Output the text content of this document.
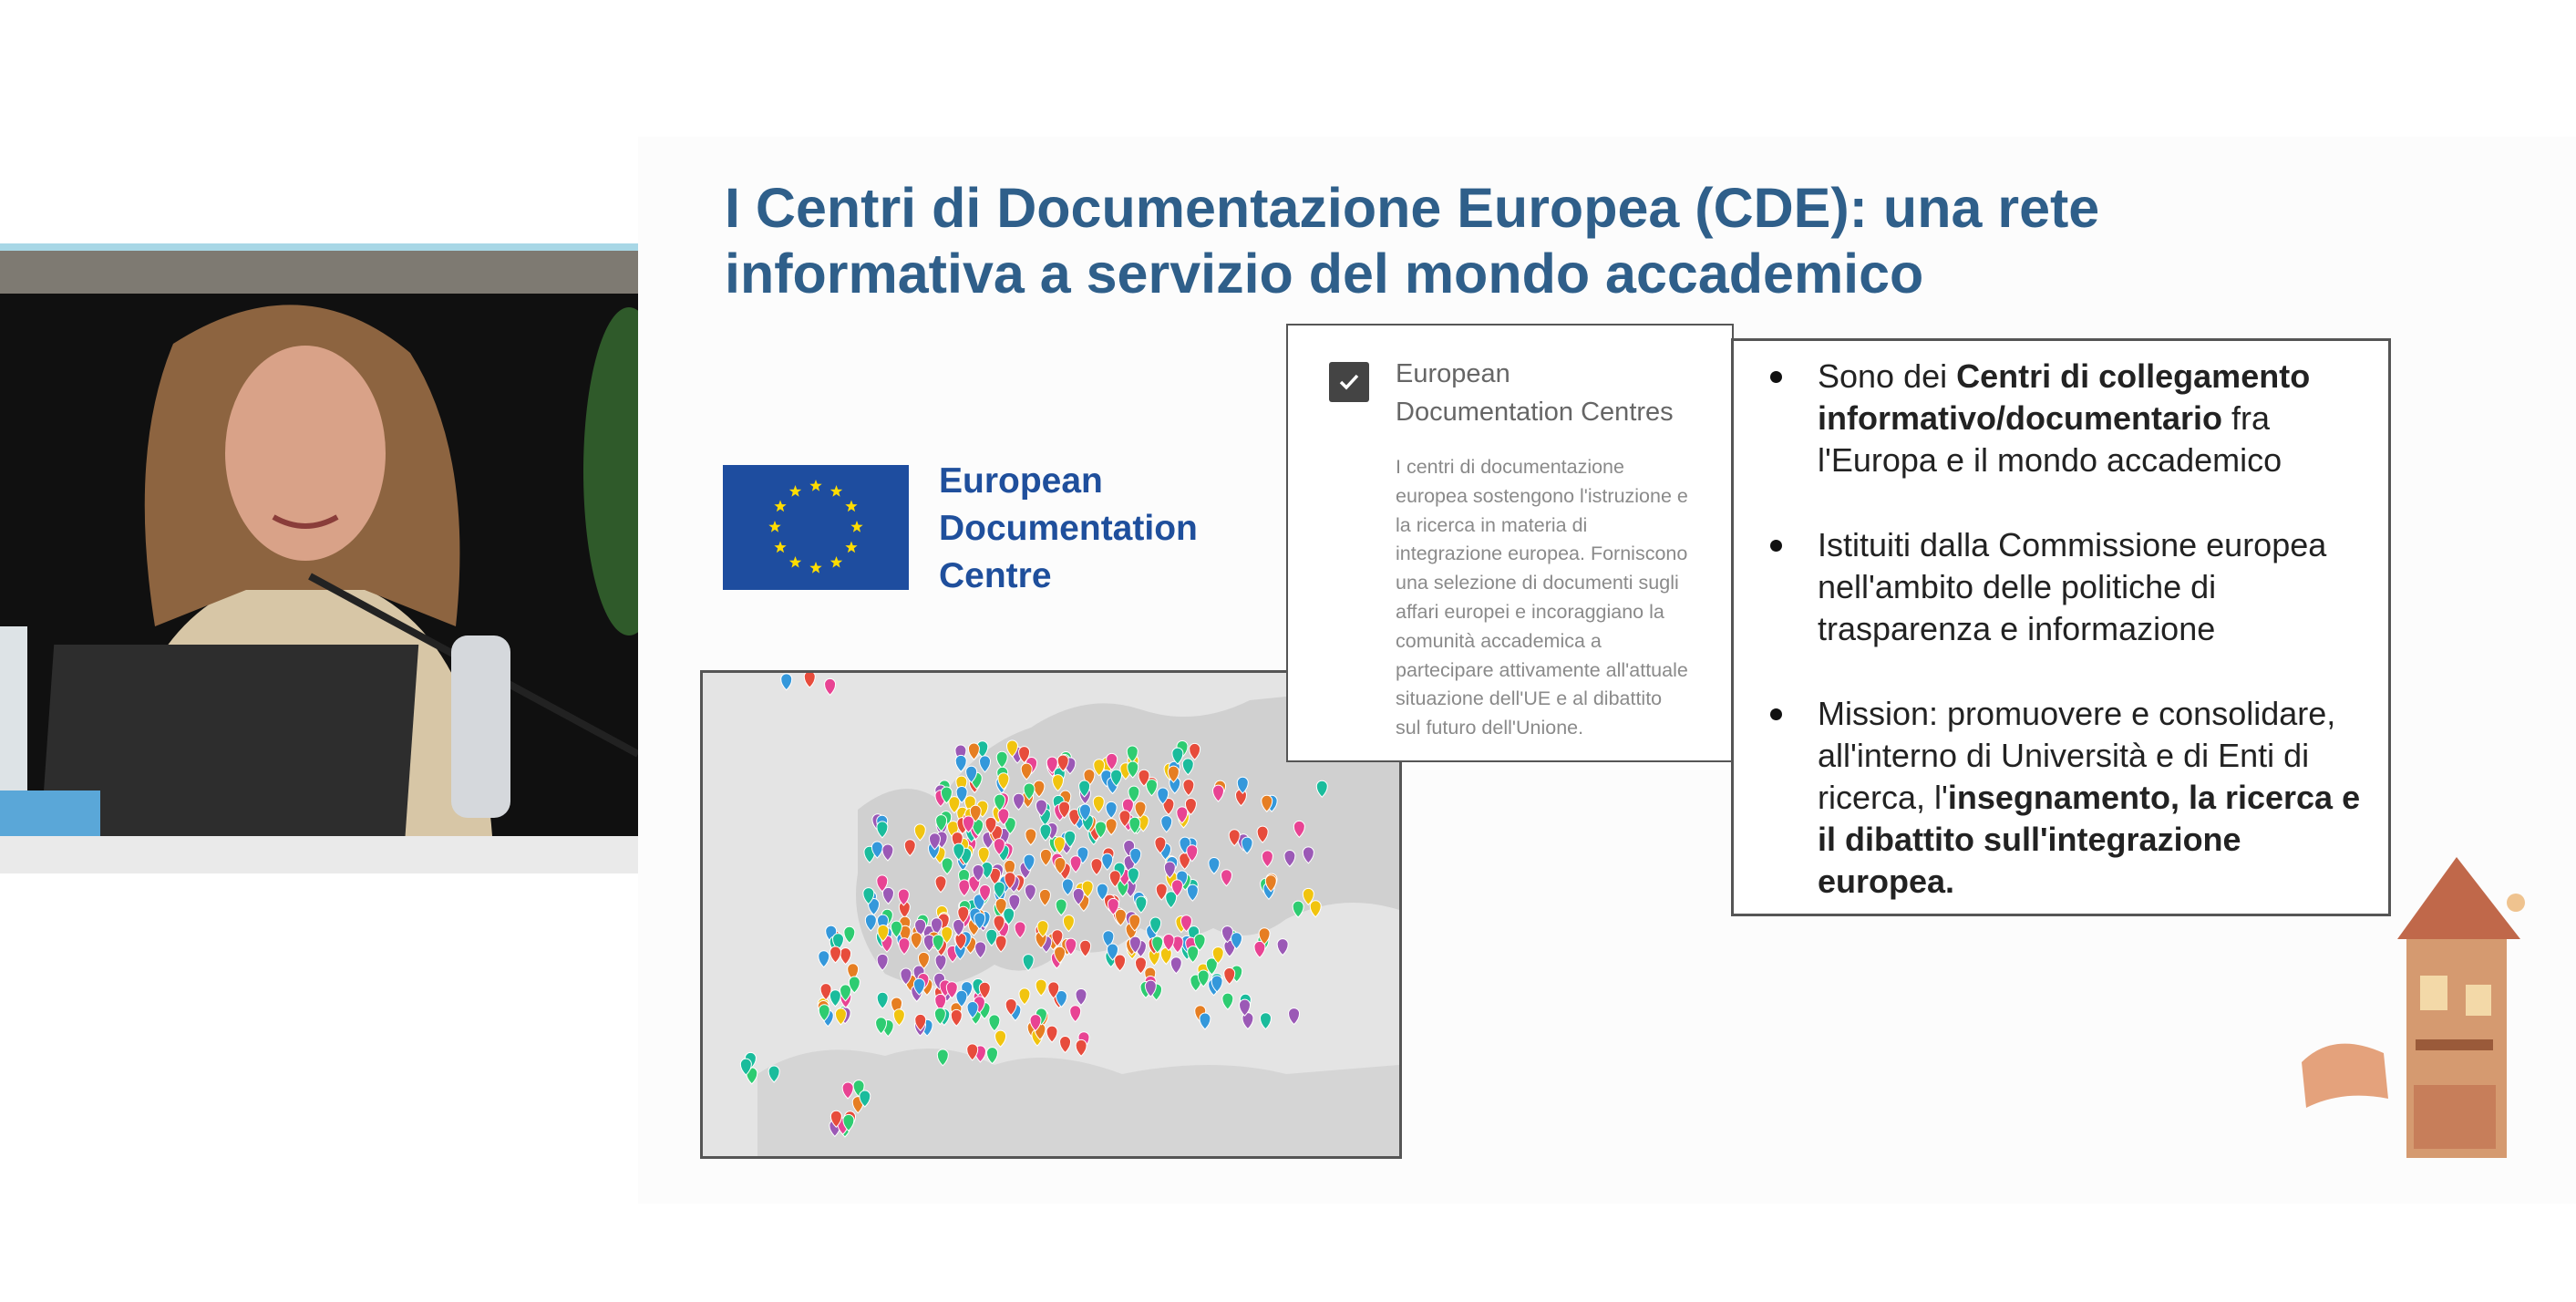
I Centri di Documentazione Europea (CDE): una rete
informativa a servizio del mondo accademico
European
Documentation
Centre
European
Documentation Centres
I centri di documentazione
europea sostengono l'istruzione e
la ricerca in materia di
integrazione europea. Forniscono
una selezione di documenti sugli
affari europei e incoraggiano la
comunità accademica a
partecipare attivamente all'attuale
situazione dell'UE e al dibattito
sul futuro dell'Unione.
Sono dei Centri di collegamento informativo/documentario fra l'Europa e il mondo accademico
Istituiti dalla Commissione europea nell'ambito delle politiche di trasparenza e informazione
Mission: promuovere e consolidare, all'interno di Università e di Enti di ricerca, l'insegnamento, la ricerca e il dibattito sull'integrazione europea.
